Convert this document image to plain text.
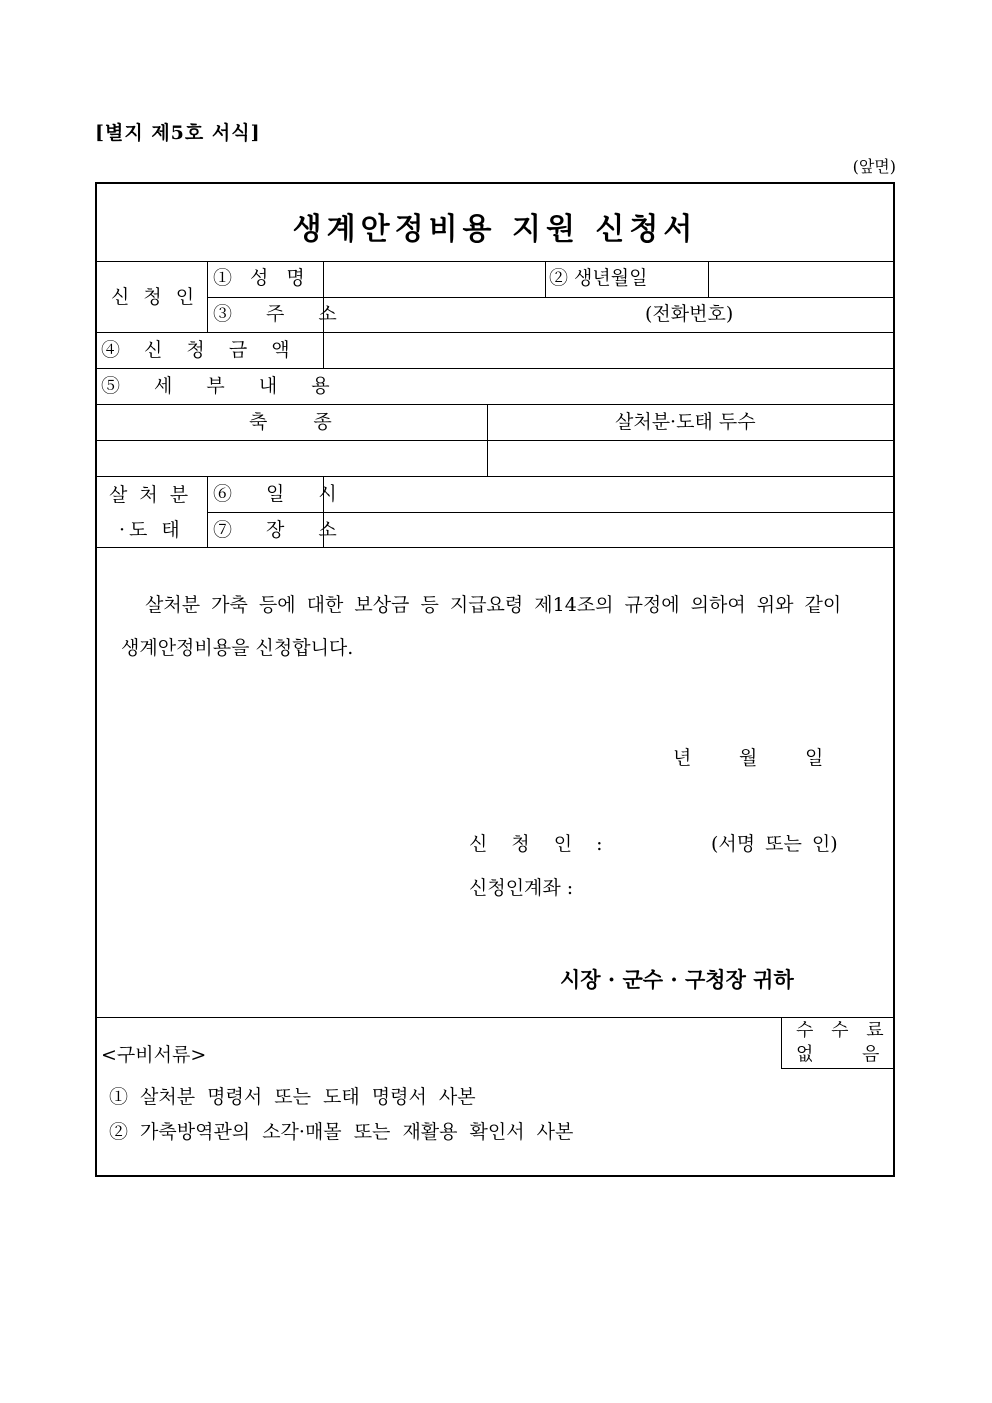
[별지 제5호 서식]
(앞면)
생계안정비용 지원 신청서
신 청 인
① 성 명	② 생년월일
③ 주 소	(전화번호)
④ 신 청 금 액
⑤ 세 부 내 용
축 종	살처분·도태 두수
살 처 분
·도 태
⑥ 일 시
⑦ 장 소
살처분 가축 등에 대한 보상금 등 지급요령 제14조의 규정에 의하여 위와 같이
생계안정비용을 신청합니다.
년	월	일
신 청 인 :	(서명 또는 인)
신청인계좌 :
시장 · 군수 · 구청장 귀하
수 수 료
없	음
<구비서류>
① 살처분 명령서 또는 도태 명령서 사본
② 가축방역관의 소각·매몰 또는 재활용 확인서 사본
